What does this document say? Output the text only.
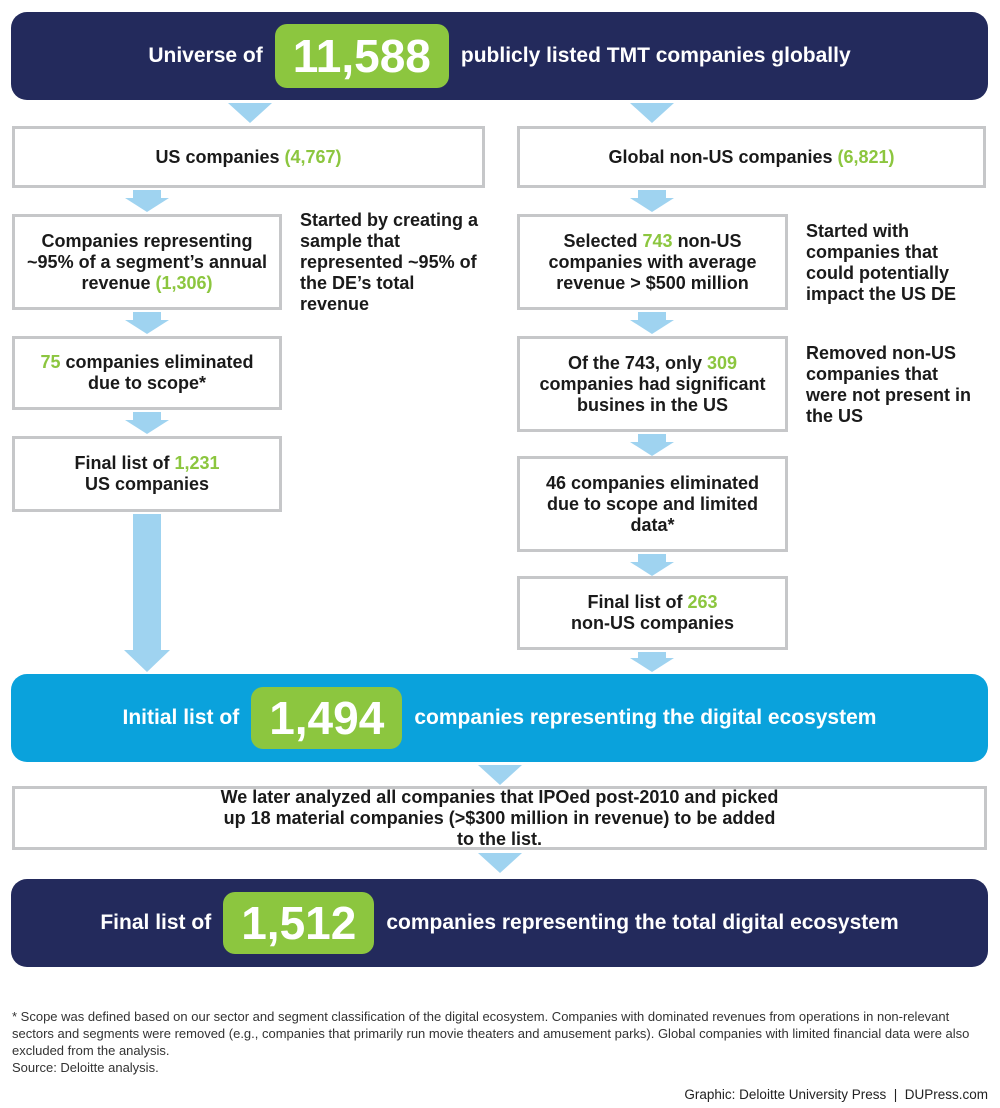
Universe of 11,588	publicly listed TMT companies globally
US companies (4,767)
Companies representing ~95% of a segment’s annual revenue (1,306)
Started by creating a sample that represented ~95% of the DE’s total revenue
75 companies eliminated due to scope*
Final list of 1,231
US companies
Global non-US companies (6,821)
Selected 743 non-US companies with average revenue > $500 million
Started with companies that could potentially impact the US DE
Of the 743, only 309 companies had significant busines in the US
Removed non-US companies that were not present in the US
46 companies eliminated due to scope and limited data*
Final list of 263
non-US companies
Initial list of 1,494	companies representing the digital ecosystem
We later analyzed all companies that IPOed post-2010 and picked up 18 material companies (>$300 million in revenue) to be added to the list.
Final list of 1,512	companies representing the total digital ecosystem
* Scope was defined based on our sector and segment classification of the digital ecosystem. Companies with dominated revenues from operations in non-relevant sectors and segments were removed (e.g., companies that primarily run movie theaters and amusement parks). Global companies with limited financial data were also excluded from the analysis.
Source: Deloitte analysis.
Graphic: Deloitte University Press  |  DUPress.com
